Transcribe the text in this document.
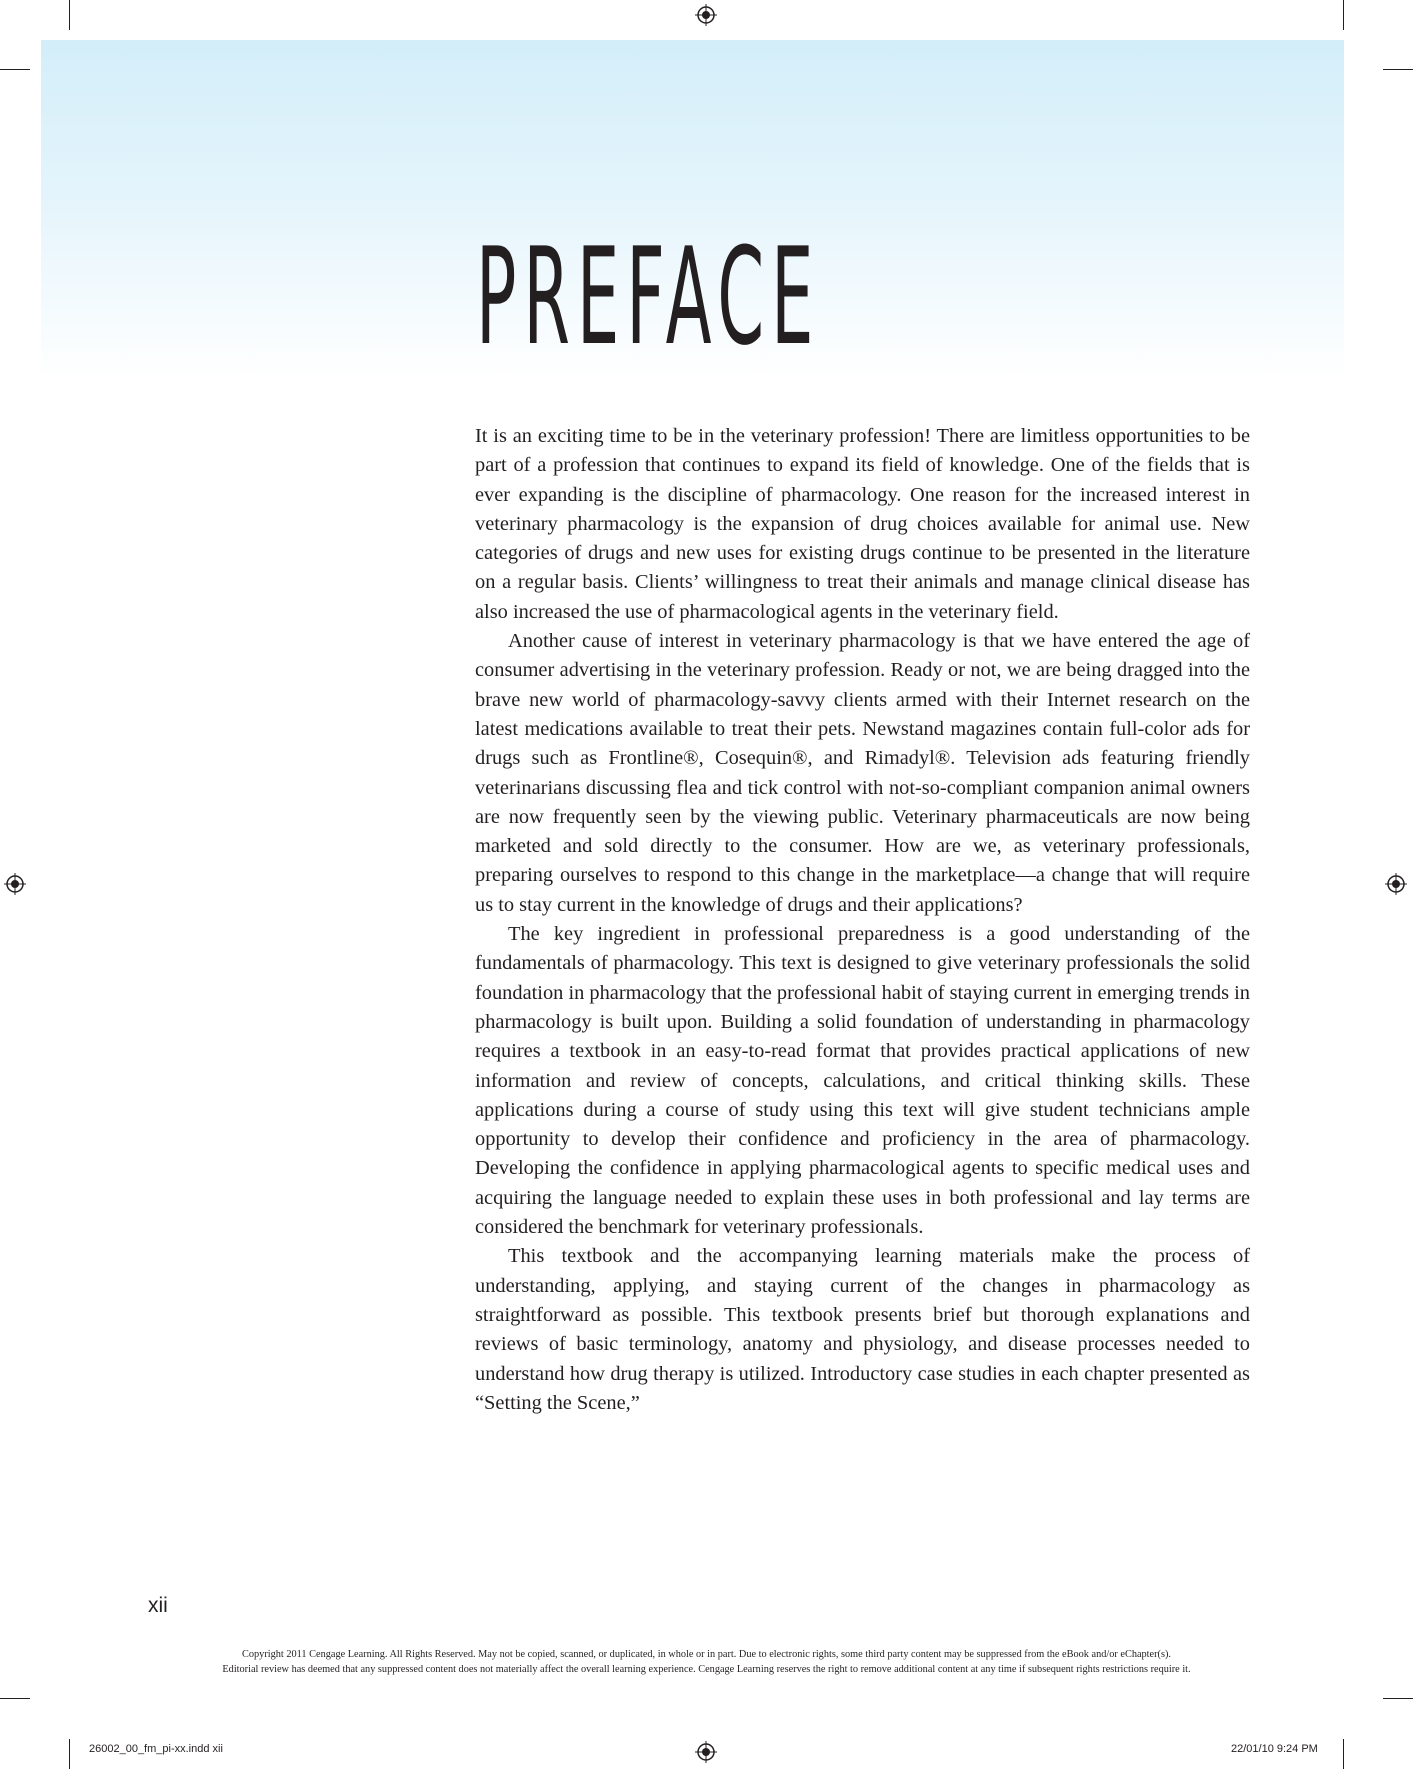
PREFACE

It is an exciting time to be in the veterinary profession! There are limitless opportunities to be part of a profession that continues to expand its field of knowledge. One of the fields that is ever expanding is the discipline of pharmacology. One reason for the increased interest in veterinary pharmacology is the expansion of drug choices available for animal use. New categories of drugs and new uses for existing drugs continue to be presented in the literature on a regular basis. Clients’ willingness to treat their animals and manage clinical disease has also increased the use of pharmacological agents in the veterinary field.

Another cause of interest in veterinary pharmacology is that we have entered the age of consumer advertising in the veterinary profession. Ready or not, we are being dragged into the brave new world of pharmacology-savvy clients armed with their Internet research on the latest medications available to treat their pets. Newstand magazines contain full-color ads for drugs such as Frontline®, Cosequin®, and Rimadyl®. Television ads featuring friendly veterinarians discussing flea and tick control with not-so-compliant companion animal owners are now frequently seen by the viewing public. Veterinary pharmaceuticals are now being marketed and sold directly to the consumer. How are we, as veterinary professionals, preparing ourselves to respond to this change in the marketplace—a change that will require us to stay current in the knowledge of drugs and their applications?

The key ingredient in professional preparedness is a good understanding of the fundamentals of pharmacology. This text is designed to give veterinary professionals the solid foundation in pharmacology that the professional habit of staying current in emerging trends in pharmacology is built upon. Building a solid foundation of understanding in pharmacology requires a textbook in an easy-to-read format that provides practical applications of new information and review of concepts, calculations, and critical thinking skills. These applications during a course of study using this text will give student technicians ample opportunity to develop their confidence and proficiency in the area of pharmacology. Developing the confidence in applying pharmacological agents to specific medical uses and acquiring the language needed to explain these uses in both professional and lay terms are considered the benchmark for veterinary professionals.

This textbook and the accompanying learning materials make the process of understanding, applying, and staying current of the changes in pharmacology as straightforward as possible. This textbook presents brief but thorough explanations and reviews of basic terminology, anatomy and physiology, and disease processes needed to understand how drug therapy is utilized. Introductory case studies in each chapter presented as “Setting the Scene,”

xii
Copyright 2011 Cengage Learning. All Rights Reserved. May not be copied, scanned, or duplicated, in whole or in part. Due to electronic rights, some third party content may be suppressed from the eBook and/or eChapter(s).
Editorial review has deemed that any suppressed content does not materially affect the overall learning experience. Cengage Learning reserves the right to remove additional content at any time if subsequent rights restrictions require it.
26002_00_fm_pi-xx.indd xii	22/01/10 9:24 PM
